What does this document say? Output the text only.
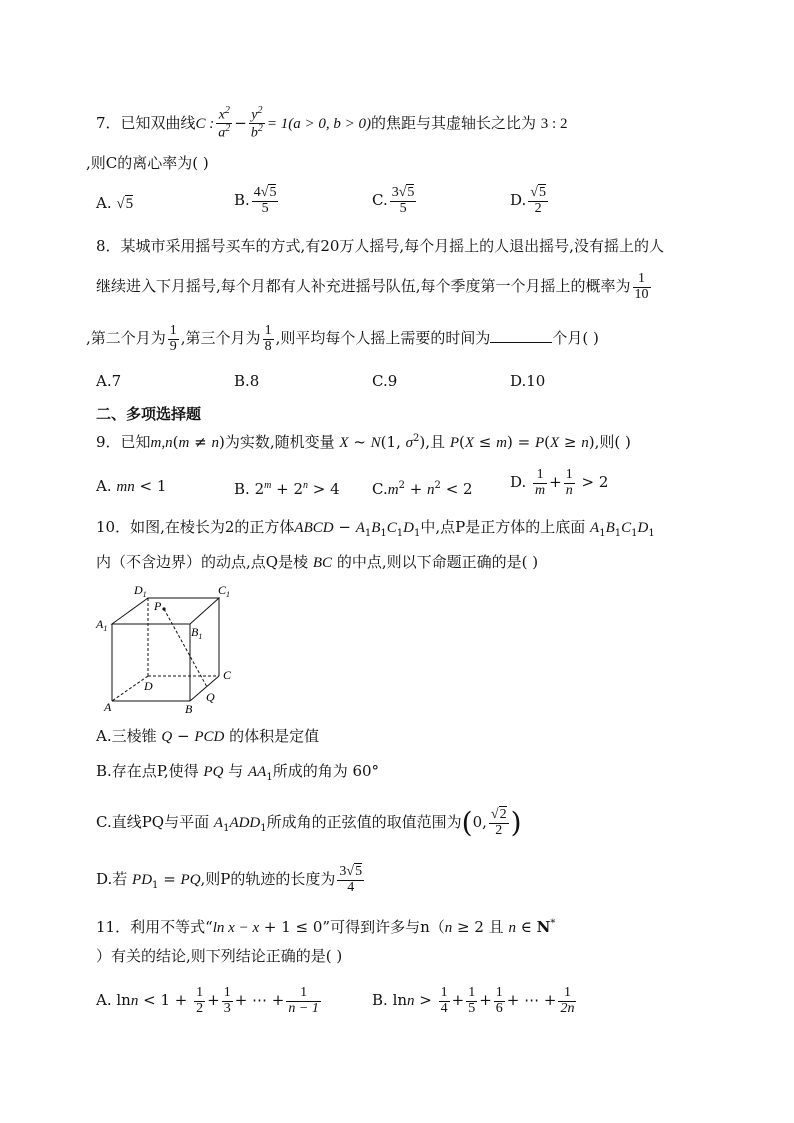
7．已知双曲线C : $\frac{x^2}{a^2} - \frac{y^2}{b^2} = 1(a > 0$, b > 0)的焦距与其虚轴长之比为 3 : 2
,则C的离心率为( )
A. √5	B. $\frac{4√5}{5}$	C. $\frac{3√5}{5}$	D. $\frac{√5}{2}$
8．某城市采用摇号买车的方式,有20万人摇号,每个月摇上的人退出摇号,没有摇上的人
继续进入下月摇号,每个月都有人补充进摇号队伍,每个季度第一个月摇上的概率为 $\frac{1}{10}$
,第二个月为 $\frac{1}{9}$ ,第三个月为 $\frac{1}{8}$ ,则平均每个人摇上需要的时间为	个月( )
A.7	B.8	C.9	D.10
二、多项选择题
9．已知m,n(m ≠ n)为实数,随机变量 X ~ N(1, $\sigma^2$),且 P(X ≤ m) = P(X ≥ n),则( )
A. mn < 1	B. $2^m + 2^n > 4$ $C.m^2 + n^2 < 2$ D. $\frac{1}{m} + \frac{1}{n} > 2$
10．如图,在棱长为2的正方体ABCD − $A_1B_1C_1D_1$中,点P是正方体的上底面 $A_1B_1C_1D_1$
内（不含边界）的动点,点Q是棱 BC 的中点,则以下命题正确的是( )
$D_1$	$C_1$
P
$A_1$	$B_1$
D
C
Q
A	B
A.三棱锥 Q − PCD 的体积是定值
B.存在点P,使得 PQ 与 $AA_1$所成的角为 60°
C.直线PQ与平面 $A_1ADD_1$所成角的正弦值的取值范围为(0, $\frac{√2}{2}$ )
D.若 $PD_1$ = PQ,则P的轨迹的长度为 $\frac{3√5}{4}$
11．利用不等式“ln x − x + 1 ≤ 0”可得到许多与n（n ≥ 2 且 n ∈ N*
）有关的结论,则下列结论正确的是( )
A. $\ln n < 1 + \frac{1}{2} + \frac{1}{3}$ + ⋯ + $\frac{1}{n - 1}$	B. $\ln n > \frac{1}{4} + \frac{1}{5} + \frac{1}{6}$ + ⋯ + $\frac{1}{2n}$
